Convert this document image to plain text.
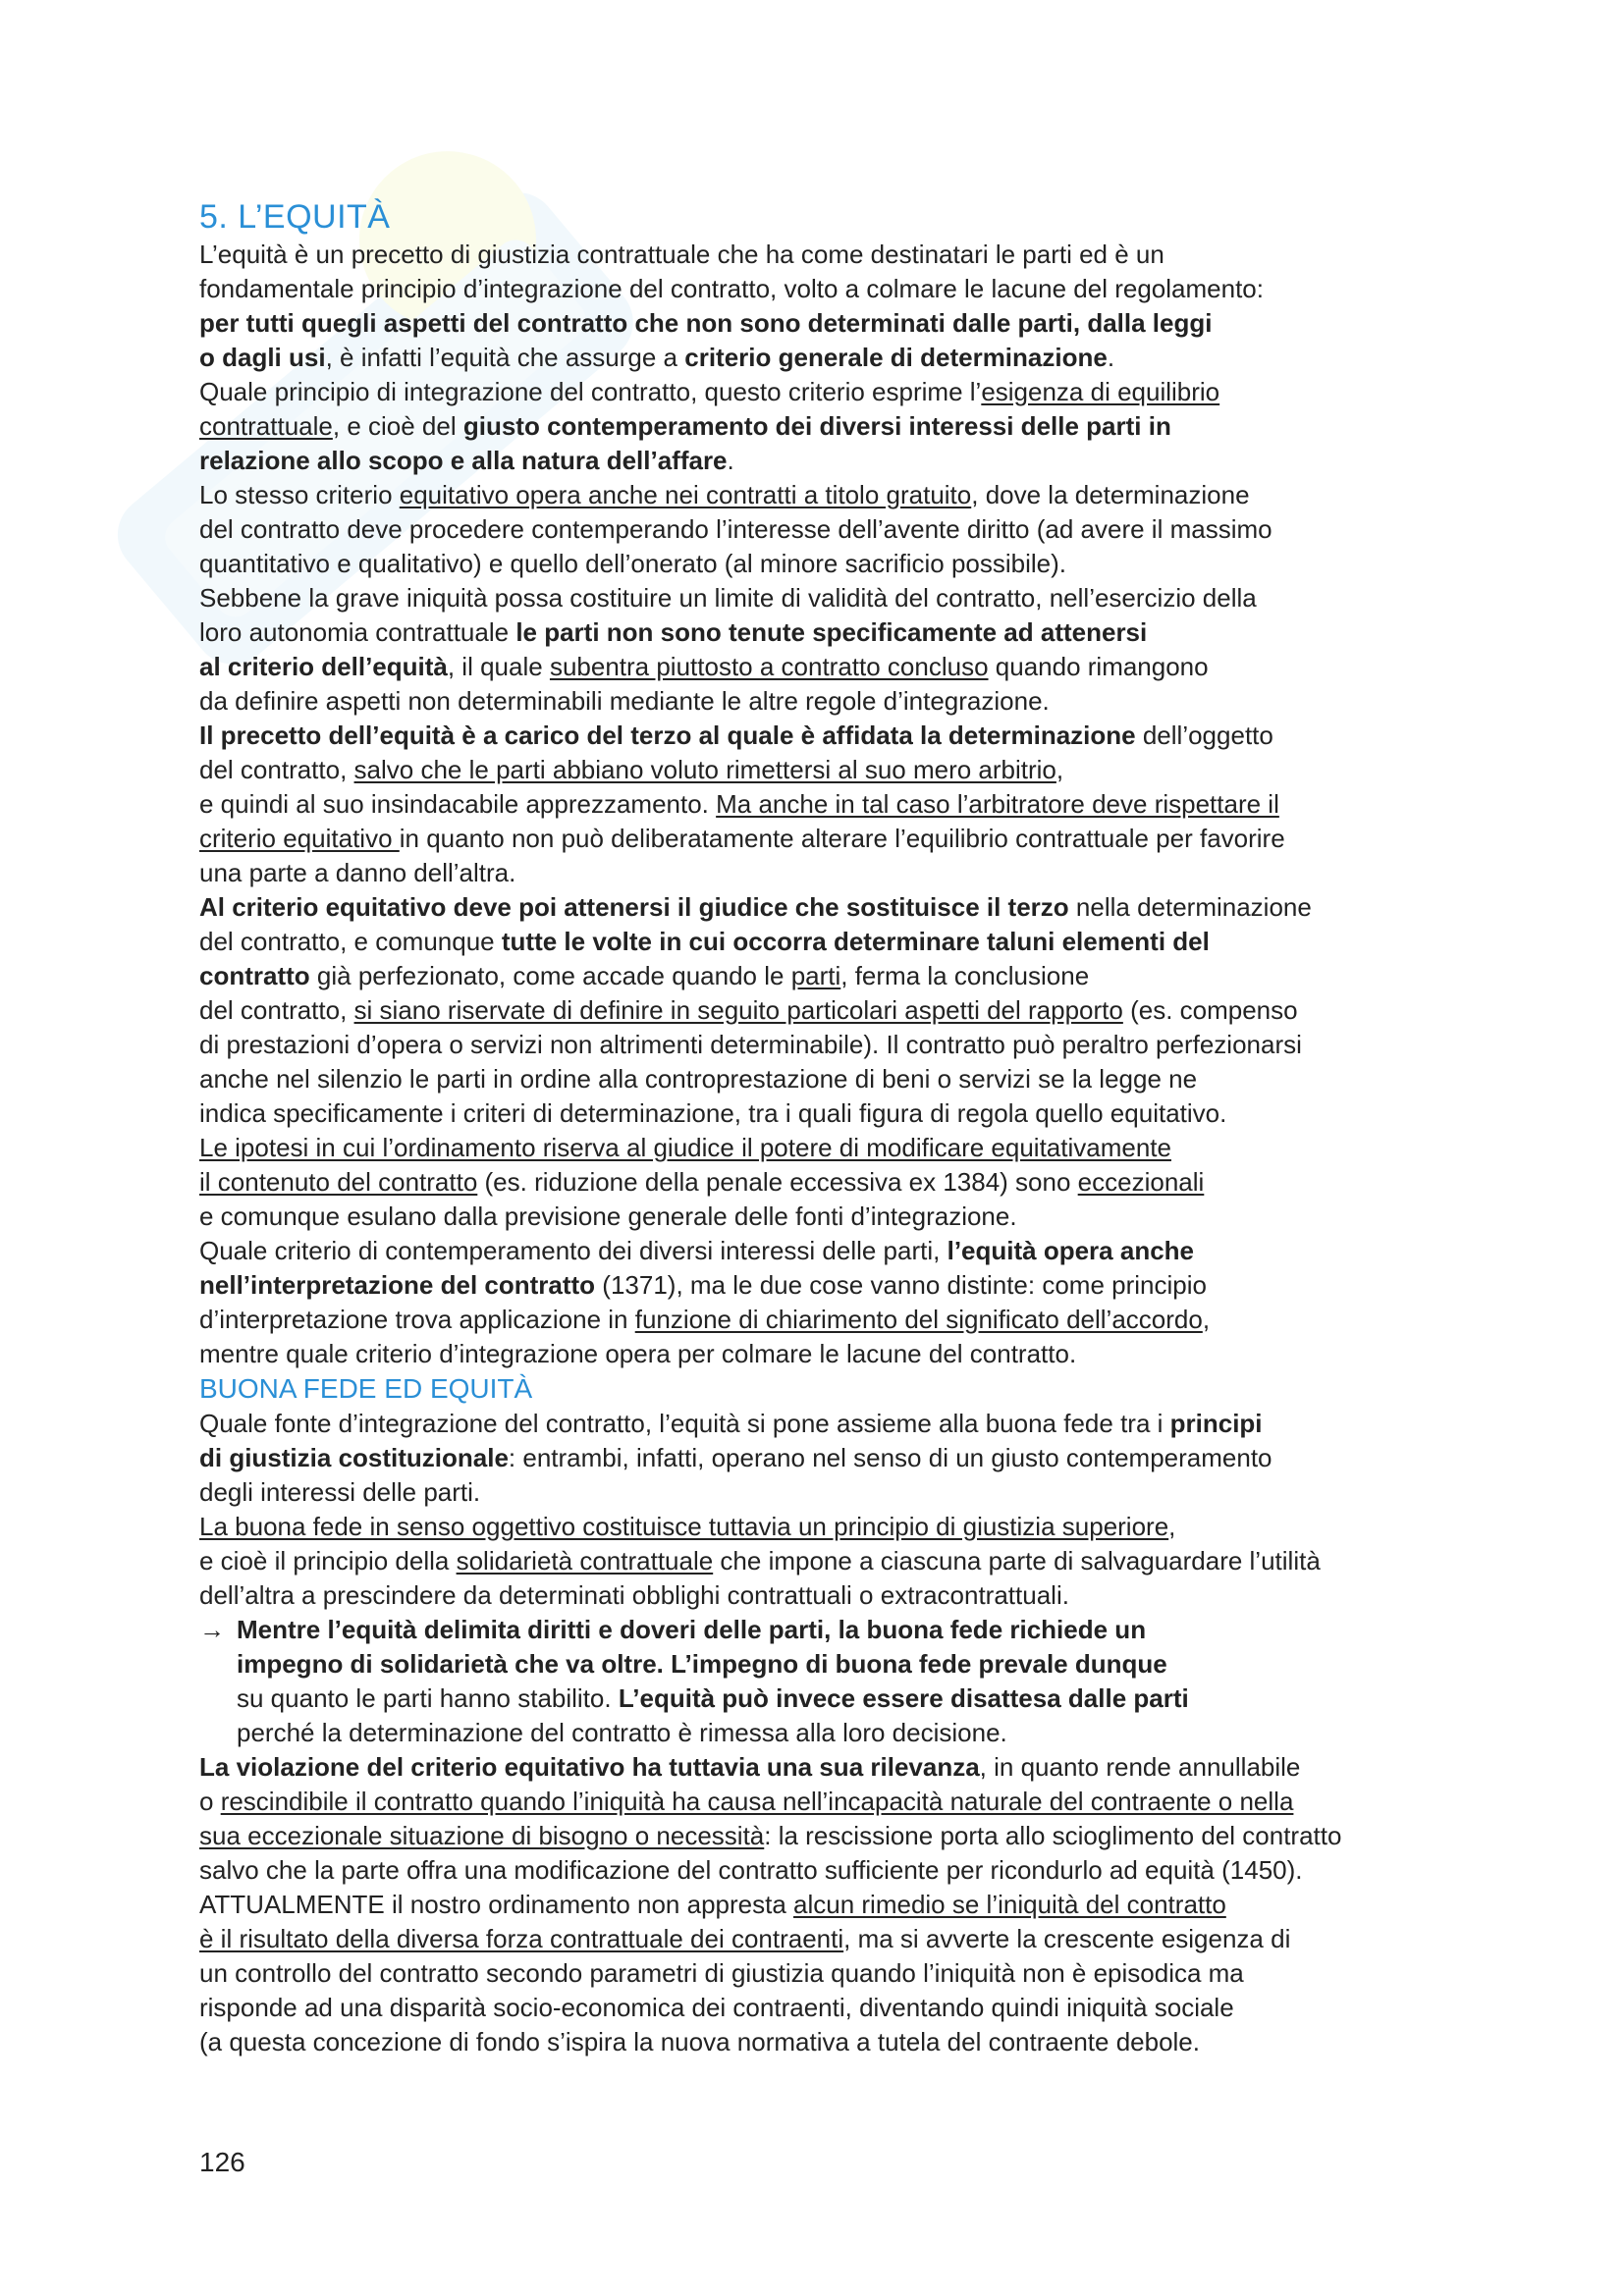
5. L’EQUITÀ
L’equità è un precetto di giustizia contrattuale che ha come destinatari le parti ed è un
fondamentale principio d’integrazione del contratto, volto a colmare le lacune del regolamento:
per tutti quegli aspetti del contratto che non sono determinati dalle parti, dalla leggi
o dagli usi, è infatti l’equità che assurge a criterio generale di determinazione.
Quale principio di integrazione del contratto, questo criterio esprime l’esigenza di equilibrio
contrattuale, e cioè del giusto contemperamento dei diversi interessi delle parti in
relazione allo scopo e alla natura dell’affare.
Lo stesso criterio equitativo opera anche nei contratti a titolo gratuito, dove la determinazione
del contratto deve procedere contemperando l’interesse dell’avente diritto (ad avere il massimo
quantitativo e qualitativo) e quello dell’onerato (al minore sacrificio possibile).
Sebbene la grave iniquità possa costituire un limite di validità del contratto, nell’esercizio della
loro autonomia contrattuale le parti non sono tenute specificamente ad attenersi
al criterio dell’equità, il quale subentra piuttosto a contratto concluso quando rimangono
da definire aspetti non determinabili mediante le altre regole d’integrazione.
Il precetto dell’equità è a carico del terzo al quale è affidata la determinazione dell’oggetto
del contratto, salvo che le parti abbiano voluto rimettersi al suo mero arbitrio,
e quindi al suo insindacabile apprezzamento. Ma anche in tal caso l’arbitratore deve rispettare il
criterio equitativo in quanto non può deliberatamente alterare l’equilibrio contrattuale per favorire
una parte a danno dell’altra.
Al criterio equitativo deve poi attenersi il giudice che sostituisce il terzo nella determinazione
del contratto, e comunque tutte le volte in cui occorra determinare taluni elementi del
contratto già perfezionato, come accade quando le parti, ferma la conclusione
del contratto, si siano riservate di definire in seguito particolari aspetti del rapporto (es. compenso
di prestazioni d’opera o servizi non altrimenti determinabile). Il contratto può peraltro perfezionarsi
anche nel silenzio le parti in ordine alla controprestazione di beni o servizi se la legge ne
indica specificamente i criteri di determinazione, tra i quali figura di regola quello equitativo.
Le ipotesi in cui l’ordinamento riserva al giudice il potere di modificare equitativamente
il contenuto del contratto (es. riduzione della penale eccessiva ex 1384) sono eccezionali
e comunque esulano dalla previsione generale delle fonti d’integrazione.
Quale criterio di contemperamento dei diversi interessi delle parti, l’equità opera anche
nell’interpretazione del contratto (1371), ma le due cose vanno distinte: come principio
d’interpretazione trova applicazione in funzione di chiarimento del significato dell’accordo,
mentre quale criterio d’integrazione opera per colmare le lacune del contratto.
BUONA FEDE ED EQUITÀ
Quale fonte d’integrazione del contratto, l’equità si pone assieme alla buona fede tra i principi
di giustizia costituzionale: entrambi, infatti, operano nel senso di un giusto contemperamento
degli interessi delle parti.
La buona fede in senso oggettivo costituisce tuttavia un principio di giustizia superiore,
e cioè il principio della solidarietà contrattuale che impone a ciascuna parte di salvaguardare l’utilità
dell’altra a prescindere da determinati obblighi contrattuali o extracontrattuali.
→ Mentre l’equità delimita diritti e doveri delle parti, la buona fede richiede un
impegno di solidarietà che va oltre. L’impegno di buona fede prevale dunque
su quanto le parti hanno stabilito. L’equità può invece essere disattesa dalle parti
perché la determinazione del contratto è rimessa alla loro decisione.
La violazione del criterio equitativo ha tuttavia una sua rilevanza, in quanto rende annullabile
o rescindibile il contratto quando l’iniquità ha causa nell’incapacità naturale del contraente o nella
sua eccezionale situazione di bisogno o necessità: la rescissione porta allo scioglimento del contratto
salvo che la parte offra una modificazione del contratto sufficiente per ricondurlo ad equità (1450).
ATTUALMENTE il nostro ordinamento non appresta alcun rimedio se l’iniquità del contratto
è il risultato della diversa forza contrattuale dei contraenti, ma si avverte la crescente esigenza di
un controllo del contratto secondo parametri di giustizia quando l’iniquità non è episodica ma
risponde ad una disparità socio-economica dei contraenti, diventando quindi iniquità sociale
(a questa concezione di fondo s’ispira la nuova normativa a tutela del contraente debole.
126
